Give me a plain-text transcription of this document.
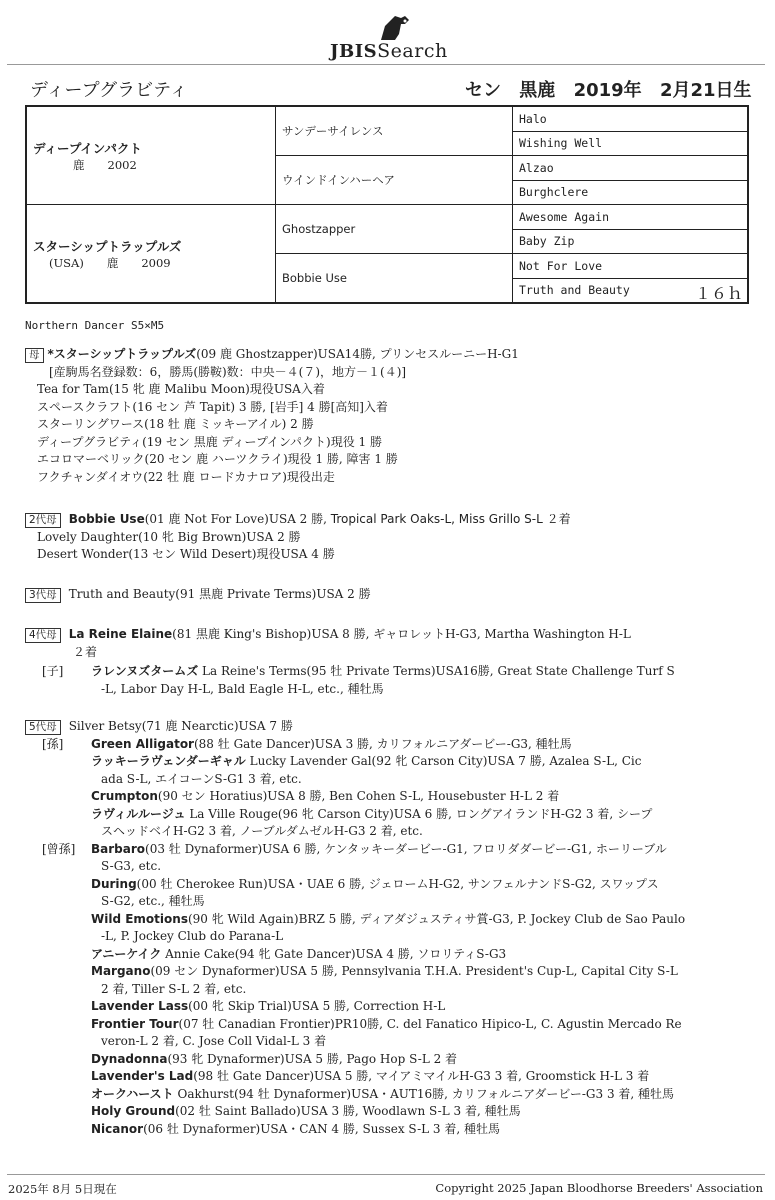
JBISSearch
ディープグラビティ	セン 黒鹿 2019年 2月21日生
ディープインパクト
鹿　　2002	サンデーサイレンス	Halo
		Wishing Well
	ウインドインハーヘア	Alzao
		Burghclere

スターシップトラップルズ
(USA)　　鹿　　2009	Ghostzapper	Awesome Again
		Baby Zip
	Bobbie Use	Not For Love
		Truth and Beauty １６ｈ
Northern Dancer S5×M5
母 *スターシップトラップルズ(09 鹿 Ghostzapper)USA14勝, プリンセスルーニーH-G1
[産駒馬名登録数：6，勝馬(勝鞍)数：中央－４(７)，地方－１(４)]
Tea for Tam(15 牝 鹿 Malibu Moon)現役USA入着
スペースクラフト(16 セン 芦 Tapit) 3 勝, [岩手] 4 勝[高知]入着
スターリングワース(18 牡 鹿 ミッキーアイル) 2 勝
ディープグラビティ(19 セン 黒鹿 ディープインパクト)現役 1 勝
エコロマーベリック(20 セン 鹿 ハーツクライ)現役 1 勝, 障害 1 勝
フクチャンダイオウ(22 牡 鹿 ロードカナロア)現役出走
2代母 Bobbie Use(01 鹿 Not For Love)USA 2 勝, Tropical Park Oaks-L, Miss Grillo S-L ２着
Lovely Daughter(10 牝 Big Brown)USA 2 勝
Desert Wonder(13 セン Wild Desert)現役USA 4 勝
3代母 Truth and Beauty(91 黒鹿 Private Terms)USA 2 勝
4代母 La Reine Elaine(81 黒鹿 King's Bishop)USA 8 勝, ギャロレットH-G3, Martha Washington H-L
２着
[子] ラレンヌズタームズ La Reine's Terms(95 牡 Private Terms)USA16勝, Great State Challenge Turf S
-L, Labor Day H-L, Bald Eagle H-L, etc., 種牡馬
5代母 Silver Betsy(71 鹿 Nearctic)USA 7 勝
[孫] Green Alligator(88 牡 Gate Dancer)USA 3 勝, カリフォルニアダービー-G3, 種牡馬
ラッキーラヴェンダーギャル Lucky Lavender Gal(92 牝 Carson City)USA 7 勝, Azalea S-L, Cic
ada S-L, エイコーンS-G1 3 着, etc.
Crumpton(90 セン Horatius)USA 8 勝, Ben Cohen S-L, Housebuster H-L 2 着
ラヴィルルージュ La Ville Rouge(96 牝 Carson City)USA 6 勝, ロングアイランドH-G2 3 着, シープ
スヘッドベイH-G2 3 着, ノーブルダムゼルH-G3 2 着, etc.
[曾孫] Barbaro(03 牡 Dynaformer)USA 6 勝, ケンタッキーダービー-G1, フロリダダービー-G1, ホーリーブル
S-G3, etc.
During(00 牡 Cherokee Run)USA・UAE 6 勝, ジェロームH-G2, サンフェルナンドS-G2, スワップス
S-G2, etc., 種牡馬
Wild Emotions(90 牝 Wild Again)BRZ 5 勝, ディアダジュスティサ賞-G3, P. Jockey Club de Sao Paulo
-L, P. Jockey Club do Parana-L
アニーケイク Annie Cake(94 牝 Gate Dancer)USA 4 勝, ソロリティS-G3
Margano(09 セン Dynaformer)USA 5 勝, Pennsylvania T.H.A. President's Cup-L, Capital City S-L
2 着, Tiller S-L 2 着, etc.
Lavender Lass(00 牝 Skip Trial)USA 5 勝, Correction H-L
Frontier Tour(07 牡 Canadian Frontier)PR10勝, C. del Fanatico Hipico-L, C. Agustin Mercado Re
veron-L 2 着, C. Jose Coll Vidal-L 3 着
Dynadonna(93 牝 Dynaformer)USA 5 勝, Pago Hop S-L 2 着
Lavender's Lad(98 牡 Gate Dancer)USA 5 勝, マイアミマイルH-G3 3 着, Groomstick H-L 3 着
オークハースト Oakhurst(94 牡 Dynaformer)USA・AUT16勝, カリフォルニアダービー-G3 3 着, 種牡馬
Holy Ground(02 牡 Saint Ballado)USA 3 勝, Woodlawn S-L 3 着, 種牡馬
Nicanor(06 牡 Dynaformer)USA・CAN 4 勝, Sussex S-L 3 着, 種牡馬
2025年 8月 5日現在	Copyright 2025 Japan Bloodhorse Breeders' Association
